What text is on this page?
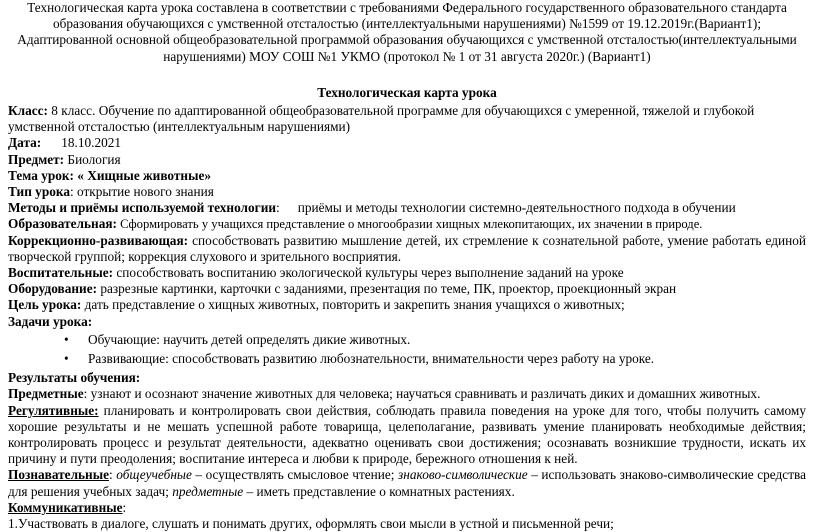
Технологическая карта урока составлена в соответствии с требованиями Федерального государственного образовательного стандарта образования обучающихся с умственной отсталостью (интеллектуальными нарушениями) №1599 от 19.12.2019г.(Вариант1); Адаптированной основной общеобразовательной программой образования обучающихся с умственной отсталостью(интеллектуальными нарушениями) МОУ СОШ №1 УКМО (протокол № 1 от 31 августа 2020г.) (Вариант1)

Технологическая карта урока

Класс: 8 класс. Обучение по адаптированной общеобразовательной программе для обучающихся с умеренной, тяжелой и глубокой умственной отсталостью (интеллектуальным нарушениями)

Дата: 18.10.2021

Предмет: Биология

Тема урок: « Хищные животные»

Тип урока: открытие нового знания

Методы и приёмы используемой технологии: приёмы и методы технологии системно-деятельностного подхода в обучении

Образовательная: Сформировать у учащихся представление о многообразии хищных млекопитающих, их значении в природе.

Коррекционно-развивающая: способствовать развитию мышление детей, их стремление к сознательной работе, умение работать единой творческой группой; коррекция слухового и зрительного восприятия.

Воспитательные: способствовать воспитанию экологической культуры через выполнение заданий на уроке

Оборудование: разрезные картинки, карточки с заданиями, презентация по теме, ПК, проектор, проекционный экран

Цель урока: дать представление о хищных животных, повторить и закрепить знания учащихся о животных;

Задачи урока:

• Обучающие: научить детей определять дикие животных.
• Развивающие: способствовать развитию любознательности, внимательности через работу на уроке.

Результаты обучения:

Предметные: узнают и осознают значение животных для человека; научаться сравнивать и различать диких и домашних животных.

Регулятивные: планировать и контролировать свои действия, соблюдать правила поведения на уроке для того, чтобы получить самому хорошие результаты и не мешать успешной работе товарища, целеполагание, развивать умение планировать необходимые действия; контролировать процесс и результат деятельности, адекватно оценивать свои достижения; осознавать возникшие трудности, искать их причину и пути преодоления; воспитание интереса и любви к природе, бережного отношения к ней.

Познавательные: общеучебные – осуществлять смысловое чтение; знаково-символические – использовать знаково-символические средства для решения учебных задач; предметные – иметь представление о комнатных растениях.

Коммуникативные:

1.Участвовать в диалоге, слушать и понимать других, оформлять свои мысли в устной и письменной речи;
